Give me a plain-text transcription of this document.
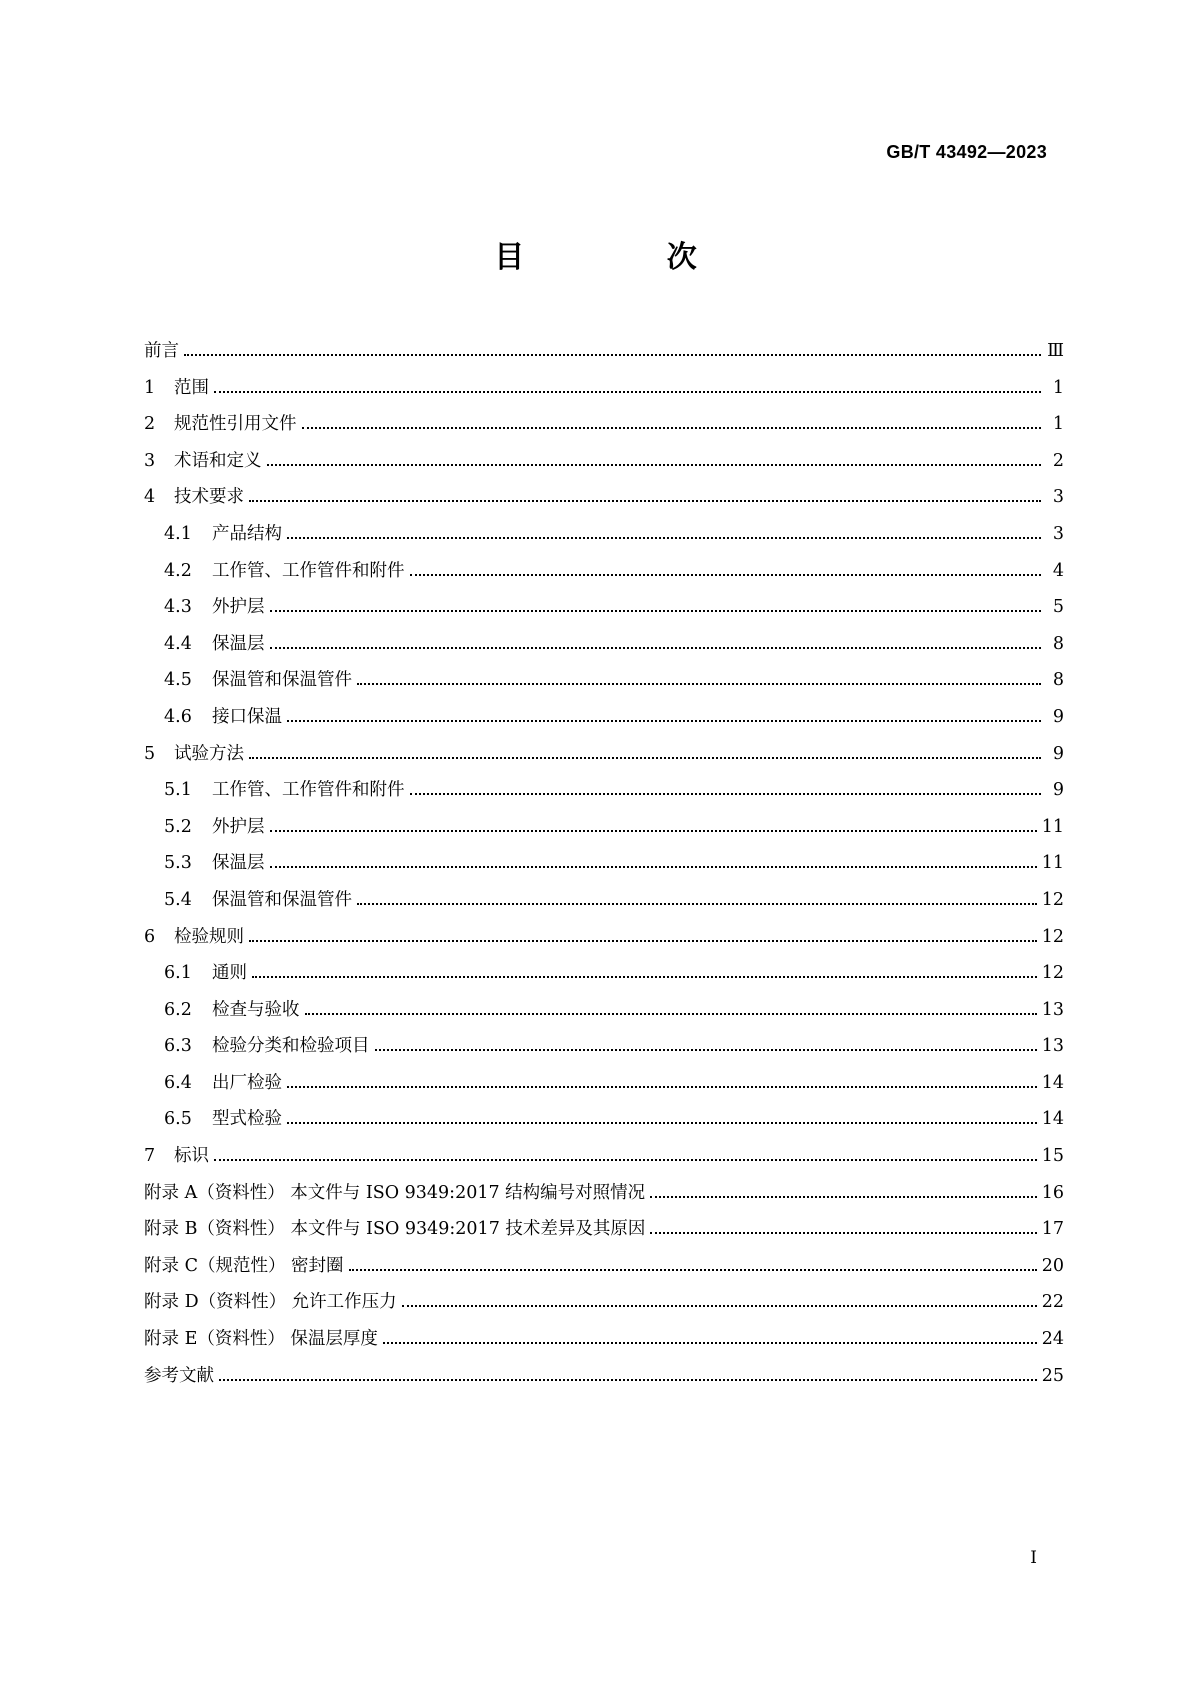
GB/T 43492—2023
目 次
前言	Ⅲ
1	范围	1
2	规范性引用文件	1
3	术语和定义	2
4	技术要求	3
4.1	产品结构	3
4.2	工作管、工作管件和附件	4
4.3	外护层	5
4.4	保温层	8
4.5	保温管和保温管件	8
4.6	接口保温	9
5	试验方法	9
5.1	工作管、工作管件和附件	9
5.2	外护层	11
5.3	保温层	11
5.4	保温管和保温管件	12
6	检验规则	12
6.1	通则	12
6.2	检查与验收	13
6.3	检验分类和检验项目	13
6.4	出厂检验	14
6.5	型式检验	14
7	标识	15
附录 A（资料性） 本文件与 ISO 9349:2017 结构编号对照情况	16
附录 B（资料性） 本文件与 ISO 9349:2017 技术差异及其原因	17
附录 C（规范性） 密封圈	20
附录 D（资料性） 允许工作压力	22
附录 E（资料性） 保温层厚度	24
参考文献	25
I
